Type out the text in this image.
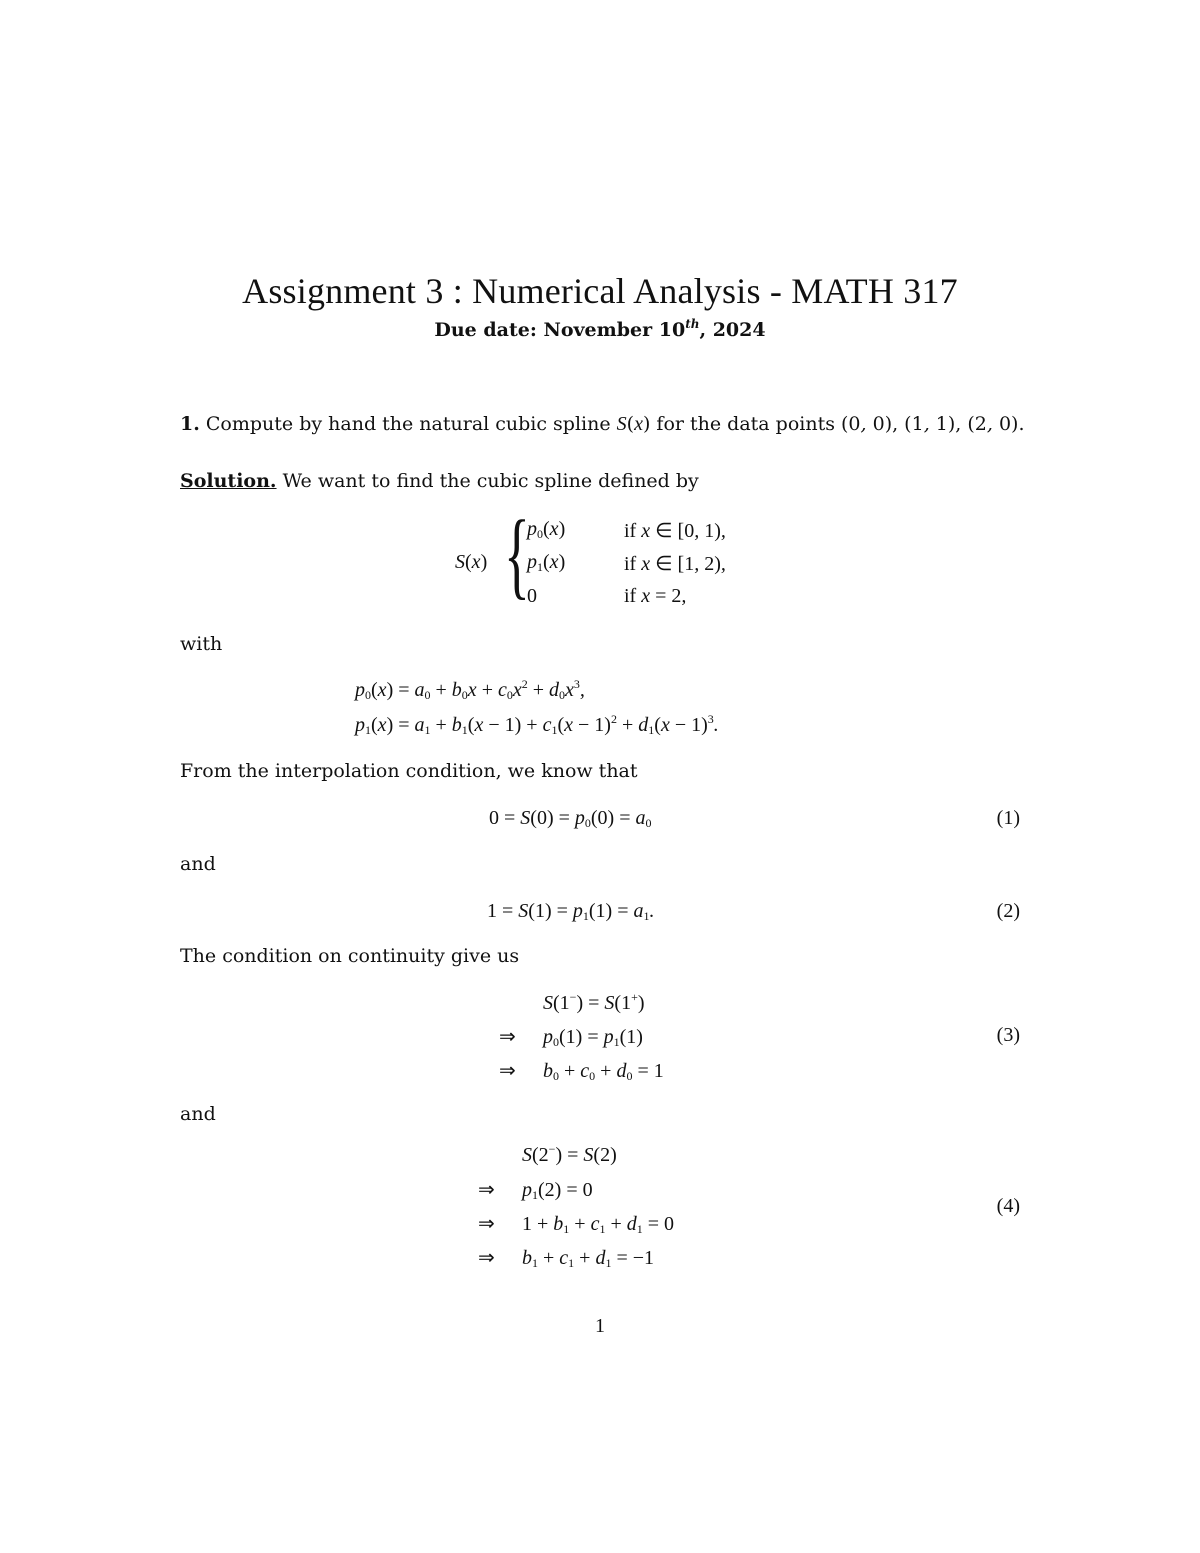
Assignment 3 : Numerical Analysis - MATH 317
Due date: November 10th, 2024
1. Compute by hand the natural cubic spline S(x) for the data points (0, 0), (1, 1), (2, 0).
Solution. We want to find the cubic spline defined by
S(x) {
$p_0(x)$	if x ∈ [0, 1),
$p_1(x)$	if x ∈ [1, 2),
0	if x = 2,
with
$p_0(x) = a_0 + b_0x + c_0x^2 + d_0x^3$,
$p_1(x) = a_1 + b_1(x - 1) + c_1(x - 1)^2 + d_1(x - 1)^3$.
From the interpolation condition, we know that
$0 = S(0) = p_0(0) = a_0$	(1)
and
$1 = S(1) = p_1(1) = a_1$.	(2)
The condition on continuity give us
S(1−) = S(1+)
⇒ $p_0(1) = p_1(1)$
⇒ $b_0 + c_0 + d_0 = 1$
(3)
and
S(2−) = S(2)
⇒ $p_1(2) = 0$
⇒ $1 + b_1 + c_1 + d_1 = 0$
⇒ $b_1 + c_1 + d_1 = -1$
(4)
1
